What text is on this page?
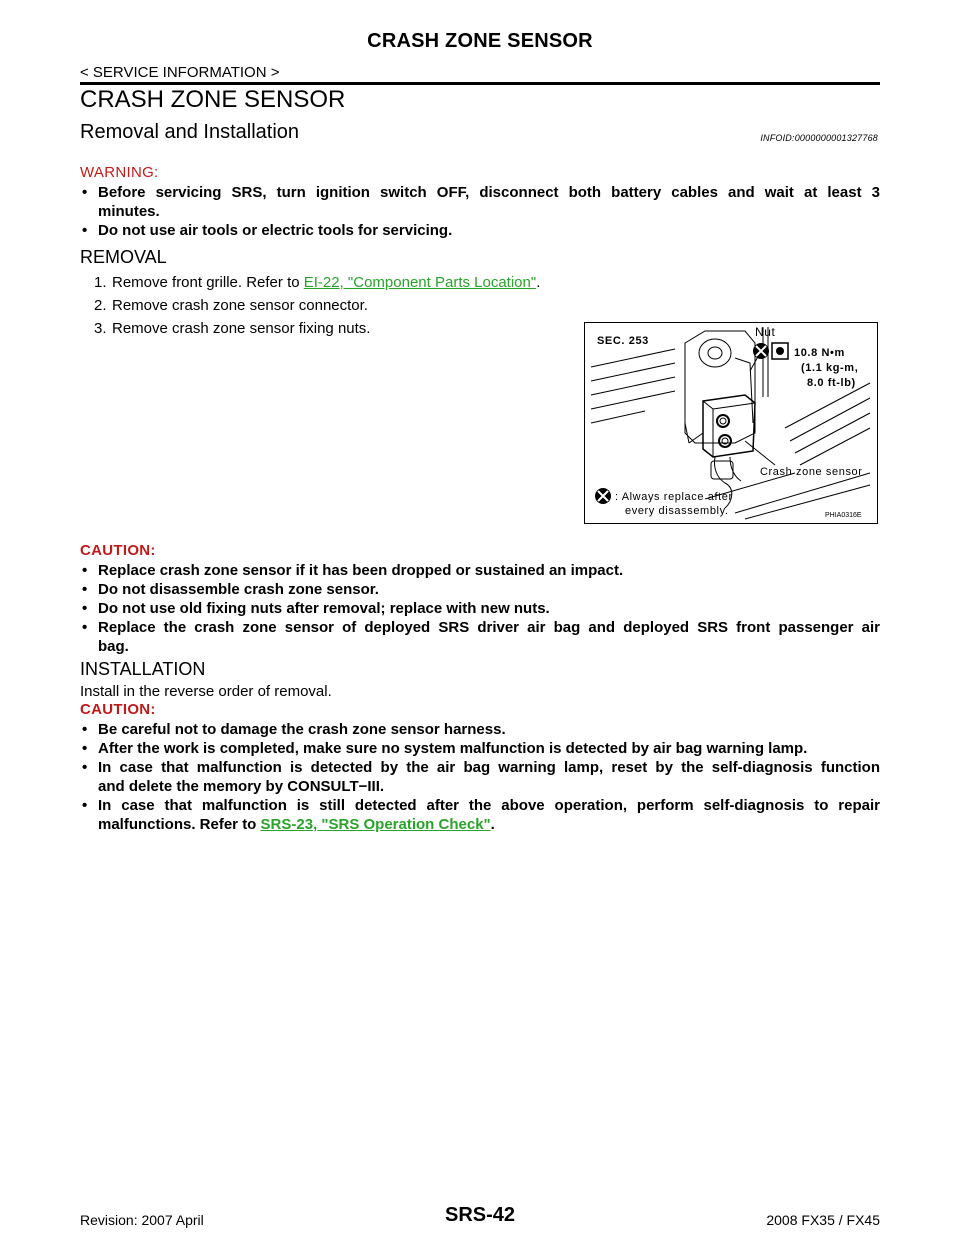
CRASH ZONE SENSOR
< SERVICE INFORMATION >
CRASH ZONE SENSOR
Removal and Installation	INFOID:0000000001327768
WARNING:
• Before servicing SRS, turn ignition switch OFF, disconnect both battery cables and wait at least 3
minutes.
• Do not use air tools or electric tools for servicing.
REMOVAL
1. Remove front grille. Refer to EI-22, "Component Parts Location".
2. Remove crash zone sensor connector.
3. Remove crash zone sensor fixing nuts.
SEC. 253
Nut
10.8 N•m
(1.1 kg-m,
8.0 ft-lb)
Crash zone sensor
: Always replace after
every disassembly.	PHIA0316E
CAUTION:
• Replace crash zone sensor if it has been dropped or sustained an impact.
• Do not disassemble crash zone sensor.
• Do not use old fixing nuts after removal; replace with new nuts.
• Replace the crash zone sensor of deployed SRS driver air bag and deployed SRS front passenger air
bag.
INSTALLATION
Install in the reverse order of removal.
CAUTION:
• Be careful not to damage the crash zone sensor harness.
• After the work is completed, make sure no system malfunction is detected by air bag warning lamp.
• In case that malfunction is detected by the air bag warning lamp, reset by the self-diagnosis function
and delete the memory by CONSULT−III.
• In case that malfunction is still detected after the above operation, perform self-diagnosis to repair
malfunctions. Refer to SRS-23, "SRS Operation Check".
Revision: 2007 April	SRS-42	2008 FX35 / FX45
